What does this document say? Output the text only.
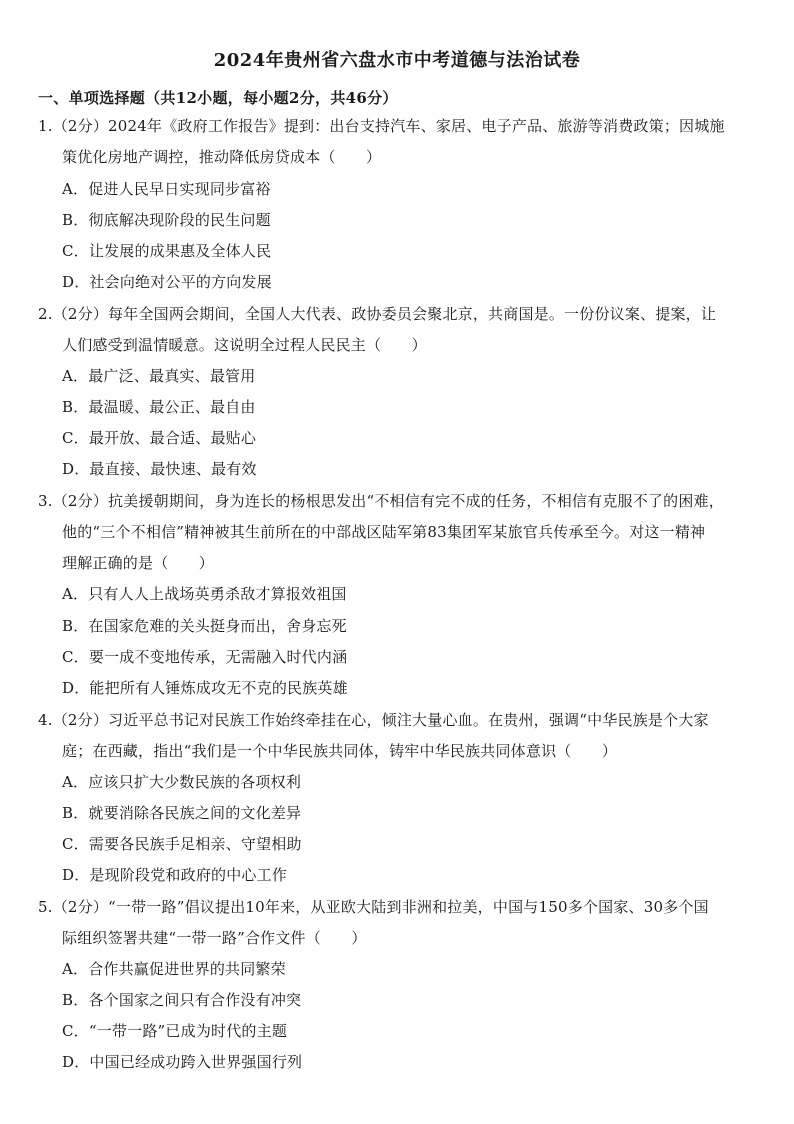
2024年贵州省六盘水市中考道德与法治试卷
一、单项选择题（共12小题，每小题2分，共46分）
1.（2分）2024年《政府工作报告》提到：出台支持汽车、家居、电子产品、旅游等消费政策；因城施
策优化房地产调控，推动降低房贷成本（　　）
A．促进人民早日实现同步富裕
B．彻底解决现阶段的民生问题
C．让发展的成果惠及全体人民
D．社会向绝对公平的方向发展
2.（2分）每年全国两会期间，全国人大代表、政协委员会聚北京，共商国是。一份份议案、提案，让
人们感受到温情暖意。这说明全过程人民民主（　　）
A．最广泛、最真实、最管用
B．最温暖、最公正、最自由
C．最开放、最合适、最贴心
D．最直接、最快速、最有效
3.（2分）抗美援朝期间，身为连长的杨根思发出“不相信有完不成的任务，不相信有克服不了的困难，
他的“三个不相信”精神被其生前所在的中部战区陆军第83集团军某旅官兵传承至今。对这一精神
理解正确的是（　　）
A．只有人人上战场英勇杀敌才算报效祖国
B．在国家危难的关头挺身而出，舍身忘死
C．要一成不变地传承，无需融入时代内涵
D．能把所有人锤炼成攻无不克的民族英雄
4.（2分）习近平总书记对民族工作始终牵挂在心，倾注大量心血。在贵州，强调“中华民族是个大家
庭；在西藏，指出“我们是一个中华民族共同体，铸牢中华民族共同体意识（　　）
A．应该只扩大少数民族的各项权利
B．就要消除各民族之间的文化差异
C．需要各民族手足相亲、守望相助
D．是现阶段党和政府的中心工作
5.（2分）“一带一路”倡议提出10年来，从亚欧大陆到非洲和拉美，中国与150多个国家、30多个国
际组织签署共建“一带一路”合作文件（　　）
A．合作共赢促进世界的共同繁荣
B．各个国家之间只有合作没有冲突
C．“一带一路”已成为时代的主题
D．中国已经成功跨入世界强国行列
